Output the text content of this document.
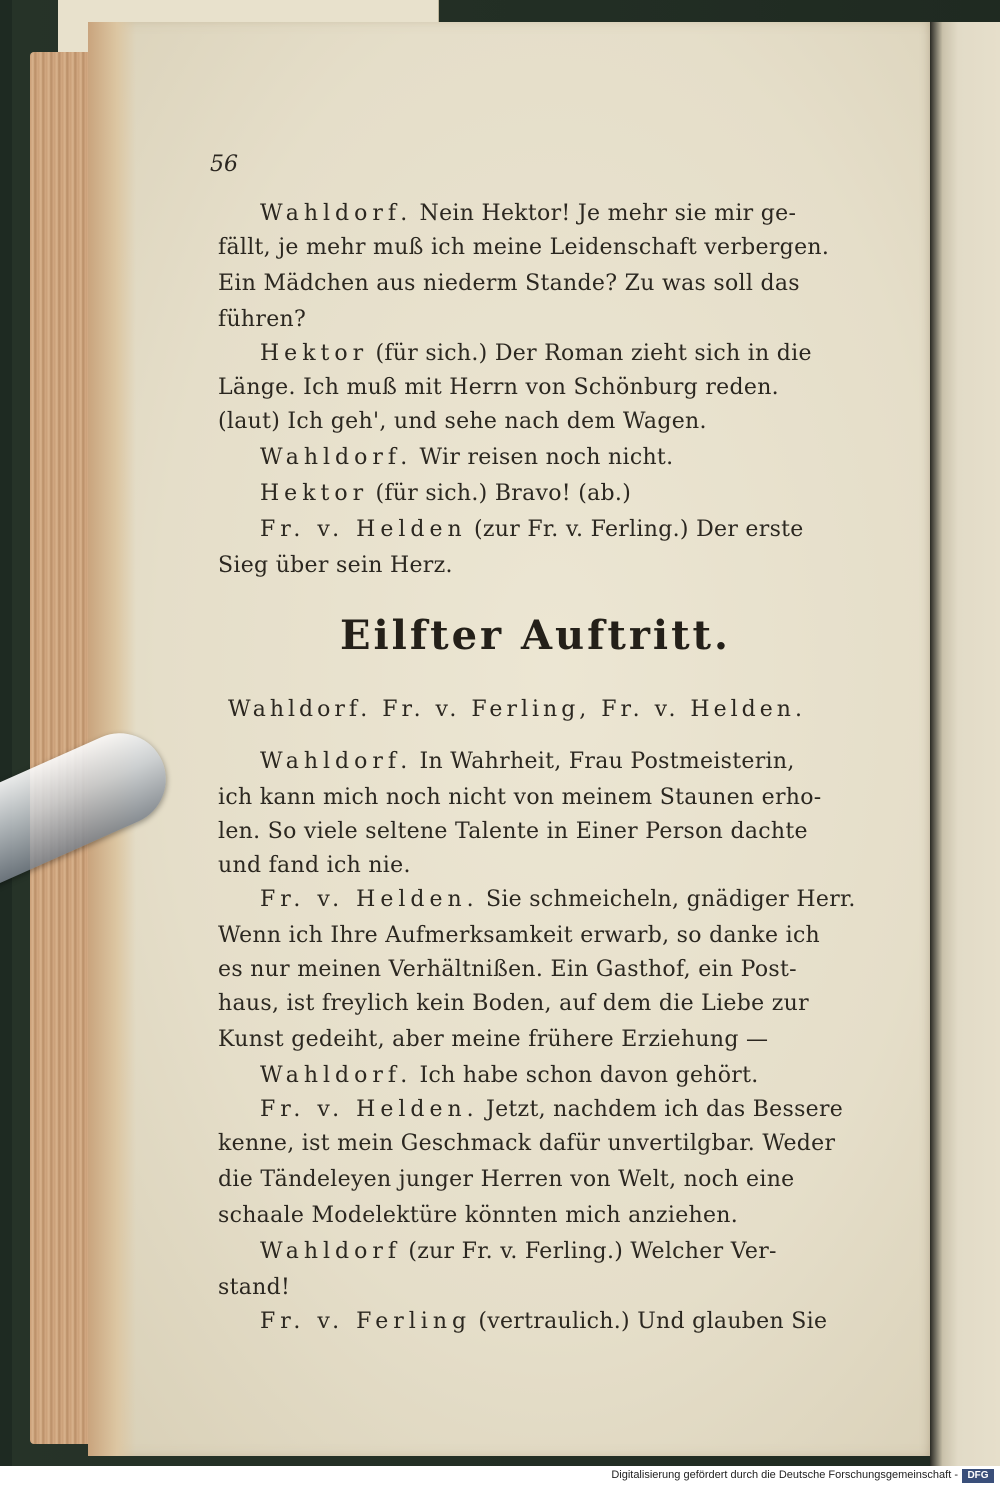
56
Wahldorf. Nein Hektor! Je mehr sie mir ge-
fällt, je mehr muß ich meine Leidenschaft verbergen.
Ein Mädchen aus niederm Stande? Zu was soll das
führen?
Hektor (für sich.) Der Roman zieht sich in die
Länge. Ich muß mit Herrn von Schönburg reden.
(laut) Ich geh', und sehe nach dem Wagen.
Wahldorf. Wir reisen noch nicht.
Hektor (für sich.) Bravo! (ab.)
Fr. v. Helden (zur Fr. v. Ferling.) Der erste
Sieg über sein Herz.
Eilfter Auftritt.
Wahldorf. Fr. v. Ferling, Fr. v. Helden.
Wahldorf. In Wahrheit, Frau Postmeisterin,
ich kann mich noch nicht von meinem Staunen erho-
len. So viele seltene Talente in Einer Person dachte
und fand ich nie.
Fr. v. Helden. Sie schmeicheln, gnädiger Herr.
Wenn ich Ihre Aufmerksamkeit erwarb, so danke ich
es nur meinen Verhältnißen. Ein Gasthof, ein Post-
haus, ist freylich kein Boden, auf dem die Liebe zur
Kunst gedeiht, aber meine frühere Erziehung —
Wahldorf. Ich habe schon davon gehört.
Fr. v. Helden. Jetzt, nachdem ich das Bessere
kenne, ist mein Geschmack dafür unvertilgbar. Weder
die Tändeleyen junger Herren von Welt, noch eine
schaale Modelektüre könnten mich anziehen.
Wahldorf (zur Fr. v. Ferling.) Welcher Ver-
stand!
Fr. v. Ferling (vertraulich.) Und glauben Sie
Digitalisierung gefördert durch die Deutsche Forschungsgemeinschaft - DFG
